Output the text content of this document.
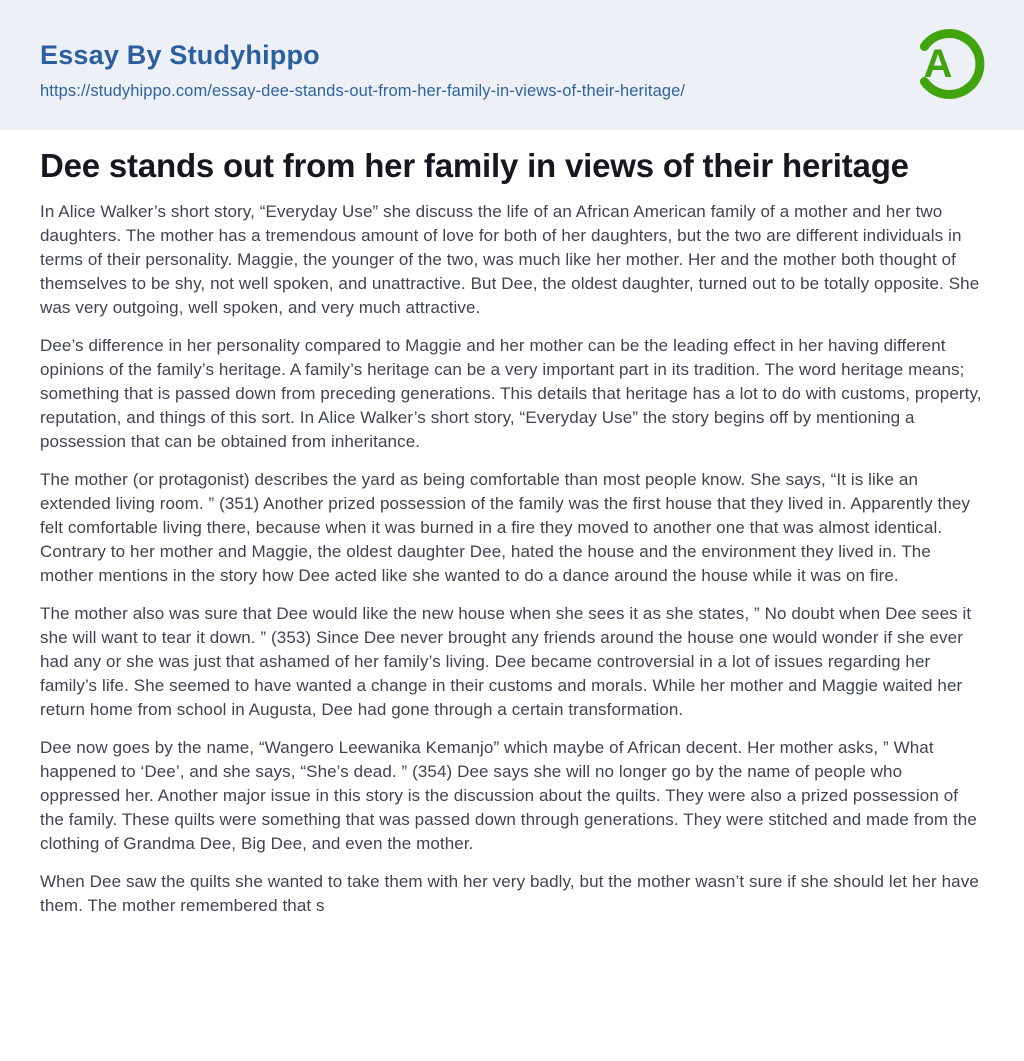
Essay By Studyhippo
https://studyhippo.com/essay-dee-stands-out-from-her-family-in-views-of-their-heritage/
A
Dee stands out from her family in views of their heritage

In Alice Walker’s short story, “Everyday Use” she discuss the life of an African American family of a mother and her two daughters. The mother has a tremendous amount of love for both of her daughters, but the two are different individuals in terms of their personality. Maggie, the younger of the two, was much like her mother. Her and the mother both thought of themselves to be shy, not well spoken, and unattractive. But Dee, the oldest daughter, turned out to be totally opposite. She was very outgoing, well spoken, and very much attractive.

Dee’s difference in her personality compared to Maggie and her mother can be the leading effect in her having different opinions of the family’s heritage. A family’s heritage can be a very important part in its tradition. The word heritage means; something that is passed down from preceding generations. This details that heritage has a lot to do with customs, property, reputation, and things of this sort. In Alice Walker’s short story, “Everyday Use” the story begins off by mentioning a possession that can be obtained from inheritance.

The mother (or protagonist) describes the yard as being comfortable than most people know. She says, “It is like an extended living room. ” (351) Another prized possession of the family was the first house that they lived in. Apparently they felt comfortable living there, because when it was burned in a fire they moved to another one that was almost identical. Contrary to her mother and Maggie, the oldest daughter Dee, hated the house and the environment they lived in. The mother mentions in the story how Dee acted like she wanted to do a dance around the house while it was on fire.

The mother also was sure that Dee would like the new house when she sees it as she states, ” No doubt when Dee sees it she will want to tear it down. ” (353) Since Dee never brought any friends around the house one would wonder if she ever had any or she was just that ashamed of her family’s living. Dee became controversial in a lot of issues regarding her family’s life. She seemed to have wanted a change in their customs and morals. While her mother and Maggie waited her return home from school in Augusta, Dee had gone through a certain transformation.

Dee now goes by the name, “Wangero Leewanika Kemanjo” which maybe of African decent. Her mother asks, ” What happened to ‘Dee’, and she says, “She’s dead. ” (354) Dee says she will no longer go by the name of people who oppressed her. Another major issue in this story is the discussion about the quilts. They were also a prized possession of the family. These quilts were something that was passed down through generations. They were stitched and made from the clothing of Grandma Dee, Big Dee, and even the mother.

When Dee saw the quilts she wanted to take them with her very badly, but the mother wasn’t sure if she should let her have them. The mother remembered that s
